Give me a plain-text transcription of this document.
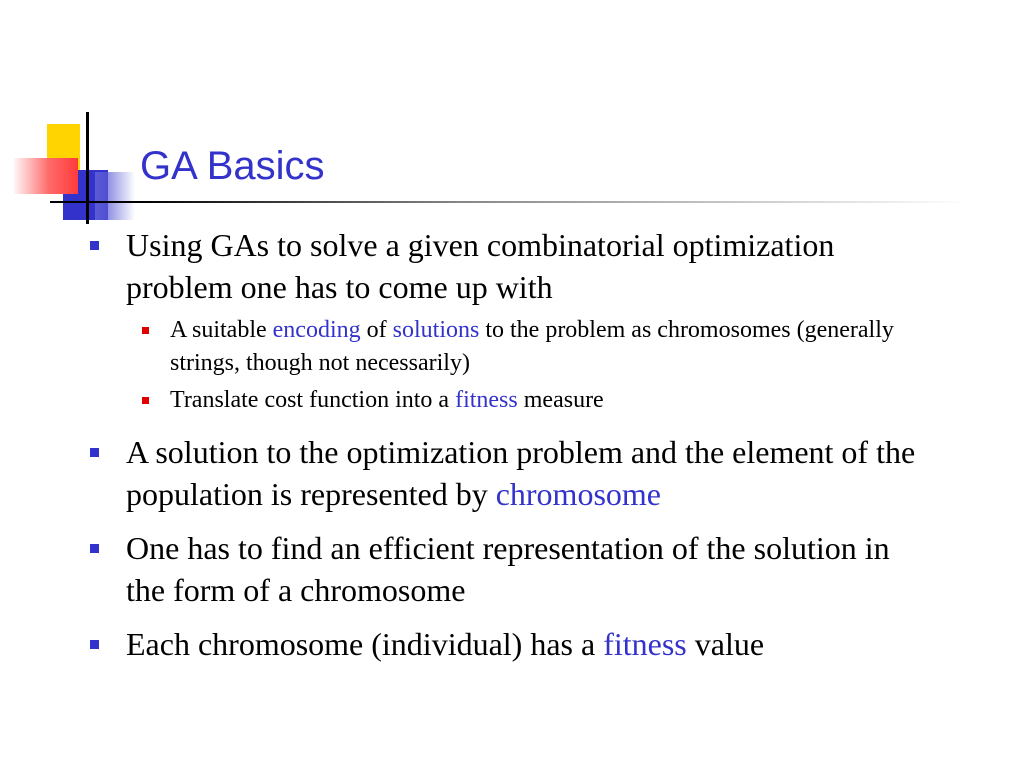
GA Basics
Using GAs to solve a given combinatorial optimization problem one has to come up with
A suitable encoding of solutions to the problem as chromosomes (generally strings, though not necessarily)
Translate cost function into a fitness measure
A solution to the optimization problem and the element of the population is represented by chromosome
One has to find an efficient representation of the solution in the form of a chromosome
Each chromosome (individual) has a fitness value
